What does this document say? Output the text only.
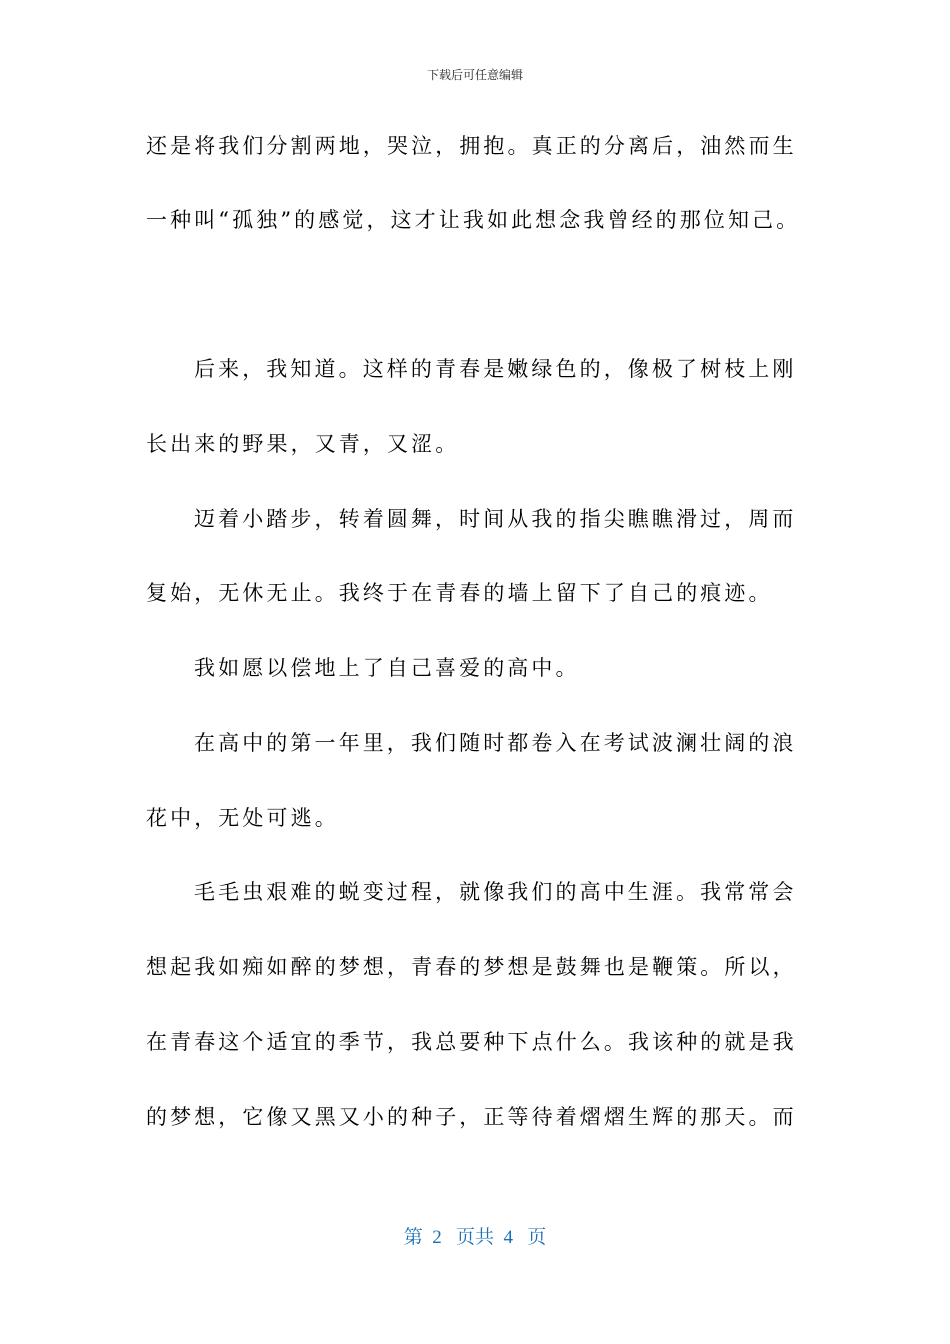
下载后可任意编辑
还是将我们分割两地，哭泣，拥抱。真正的分离后，油然而生
一种叫“孤独”的感觉，这才让我如此想念我曾经的那位知己。
后来，我知道。这样的青春是嫩绿色的，像极了树枝上刚
长出来的野果，又青，又涩。
迈着小踏步，转着圆舞，时间从我的指尖瞧瞧滑过，周而
复始，无休无止。我终于在青春的墙上留下了自己的痕迹。
我如愿以偿地上了自己喜爱的高中。
在高中的第一年里，我们随时都卷入在考试波澜壮阔的浪
花中，无处可逃。
毛毛虫艰难的蜕变过程，就像我们的高中生涯。我常常会
想起我如痴如醉的梦想，青春的梦想是鼓舞也是鞭策。所以，
在青春这个适宜的季节，我总要种下点什么。我该种的就是我
的梦想，它像又黑又小的种子，正等待着熠熠生辉的那天。而
第  2   页共  4   页
